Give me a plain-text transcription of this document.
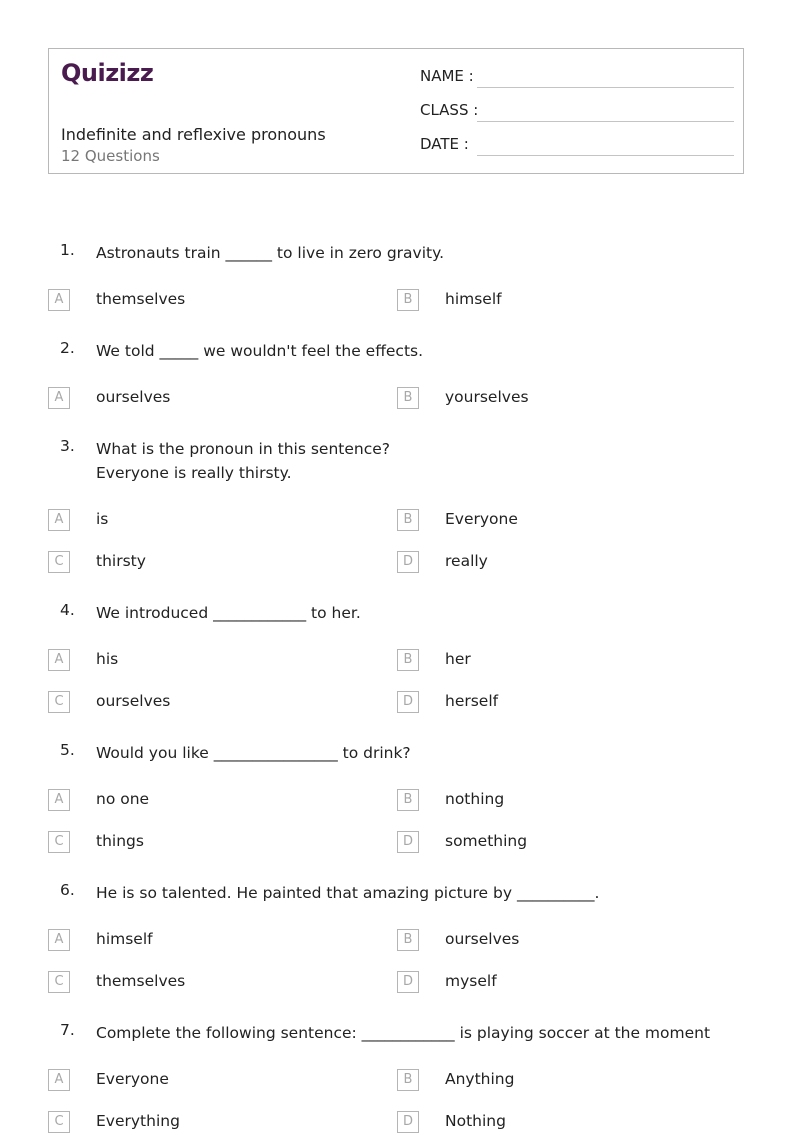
Quizizz
Indefinite and reflexive pronouns
12 Questions
NAME :
CLASS :
DATE :
1. Astronauts train ______ to live in zero gravity.
A	themselves	B	himself
2. We told _____ we wouldn't feel the effects.
A	ourselves	B	yourselves
3. What is the pronoun in this sentence?
Everyone is really thirsty.
A	is	B	Everyone
C	thirsty	D	really
4. We introduced ____________ to her.
A	his	B	her
C	ourselves	D	herself
5. Would you like ________________ to drink?
A	no one	B	nothing
C	things	D	something
6. He is so talented. He painted that amazing picture by __________.
A	himself	B	ourselves
C	themselves	D	myself
7. Complete the following sentence: ____________ is playing soccer at the moment
A	Everyone	B	Anything
C	Everything	D	Nothing
